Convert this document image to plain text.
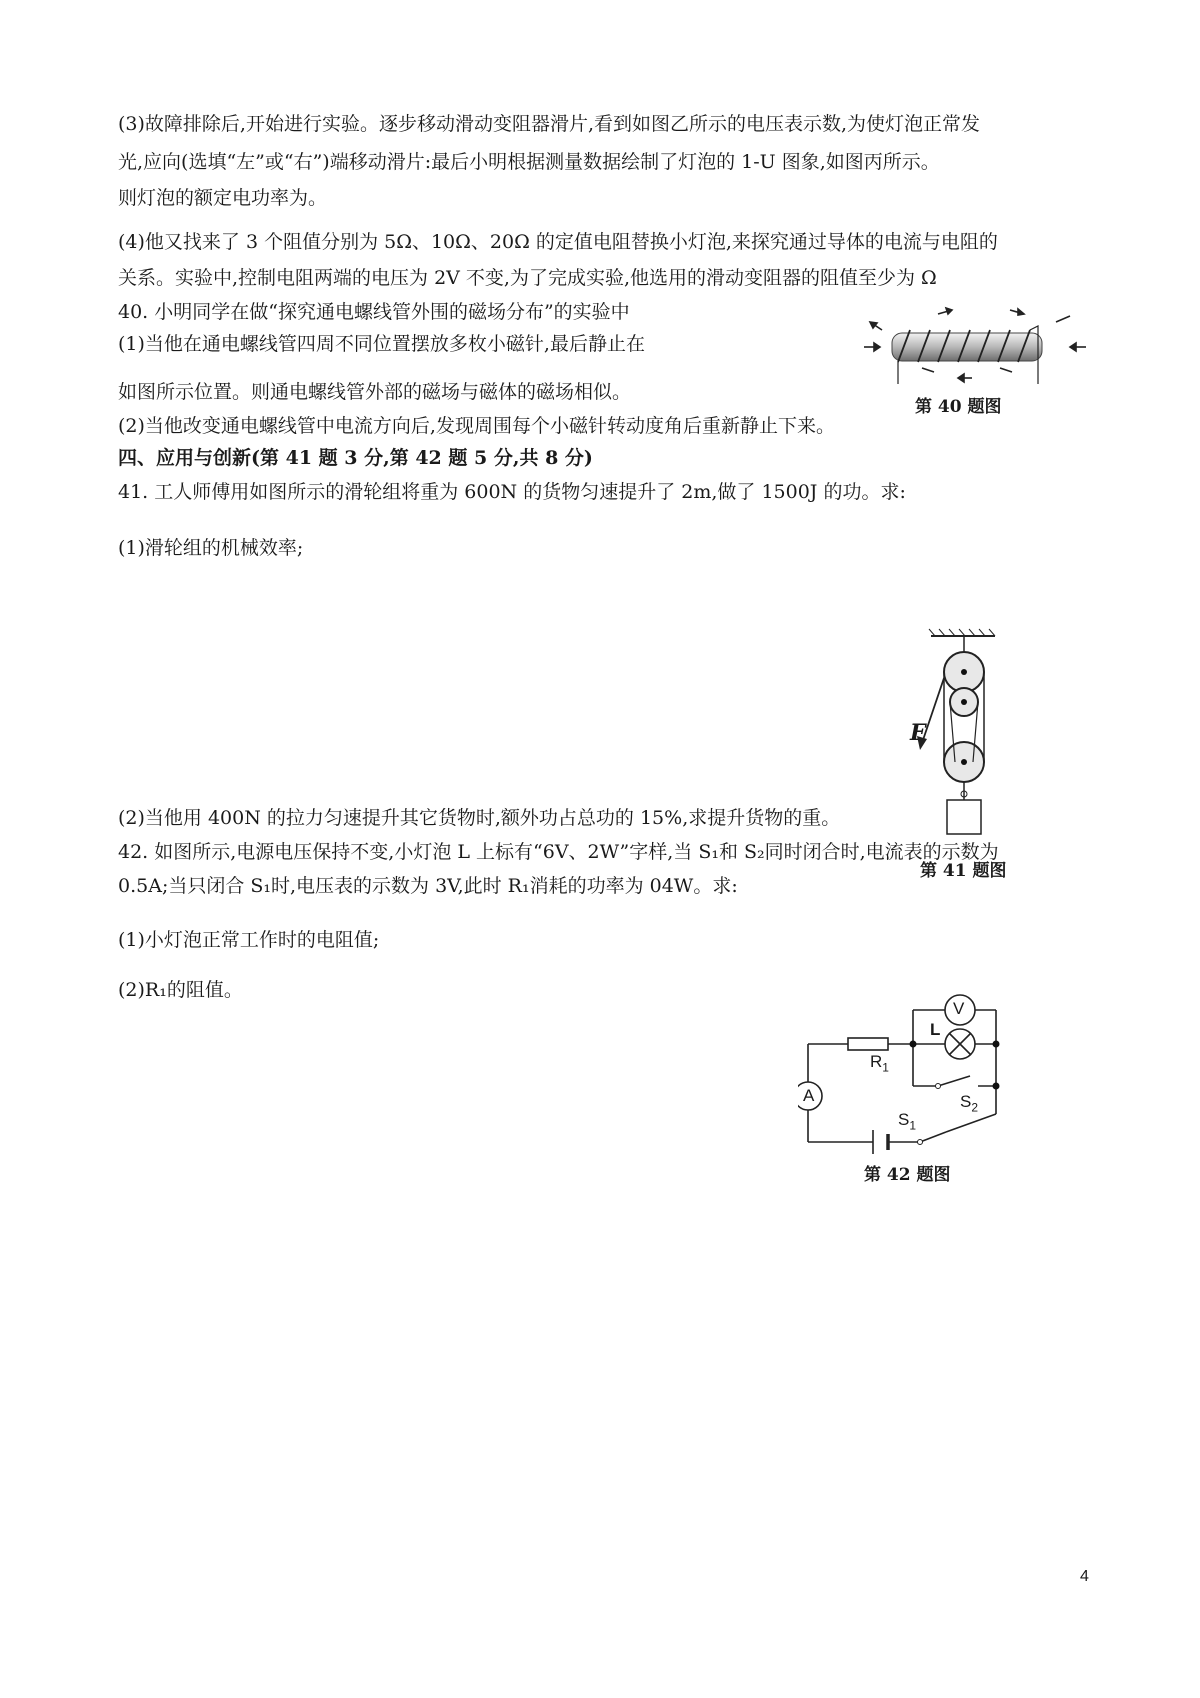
(3)故障排除后,开始进行实验。逐步移动滑动变阻器滑片,看到如图乙所示的电压表示数,为使灯泡正常发
光,应向(选填“左”或“右”)端移动滑片:最后小明根据测量数据绘制了灯泡的 1-U 图象,如图丙所示。
则灯泡的额定电功率为。
(4)他又找来了 3 个阻值分别为 5Ω、10Ω、20Ω 的定值电阻替换小灯泡,来探究通过导体的电流与电阻的
关系。实验中,控制电阻两端的电压为 2V 不变,为了完成实验,他选用的滑动变阻器的阻值至少为 Ω
40. 小明同学在做“探究通电螺线管外围的磁场分布”的实验中
(1)当他在通电螺线管四周不同位置摆放多枚小磁针,最后静止在
如图所示位置。则通电螺线管外部的磁场与磁体的磁场相似。
(2)当他改变通电螺线管中电流方向后,发现周围每个小磁针转动度角后重新静止下来。
四、应用与创新(第 41 题 3 分,第 42 题 5 分,共 8 分)
41. 工人师傅用如图所示的滑轮组将重为 600N 的货物匀速提升了 2m,做了 1500J 的功。求:
(1)滑轮组的机械效率;
(2)当他用 400N 的拉力匀速提升其它货物时,额外功占总功的 15%,求提升货物的重。
42. 如图所示,电源电压保持不变,小灯泡 L 上标有“6V、2W”字样,当 S₁和 S₂同时闭合时,电流表的示数为
0.5A;当只闭合 S₁时,电压表的示数为 3V,此时 R₁消耗的功率为 04W。求:
(1)小灯泡正常工作时的电阻值;
(2)R₁的阻值。
第 40 题图
F
第 41 题图
V
A
L
$R_1$
$S_1$
$S_2$
第 42 题图
4
